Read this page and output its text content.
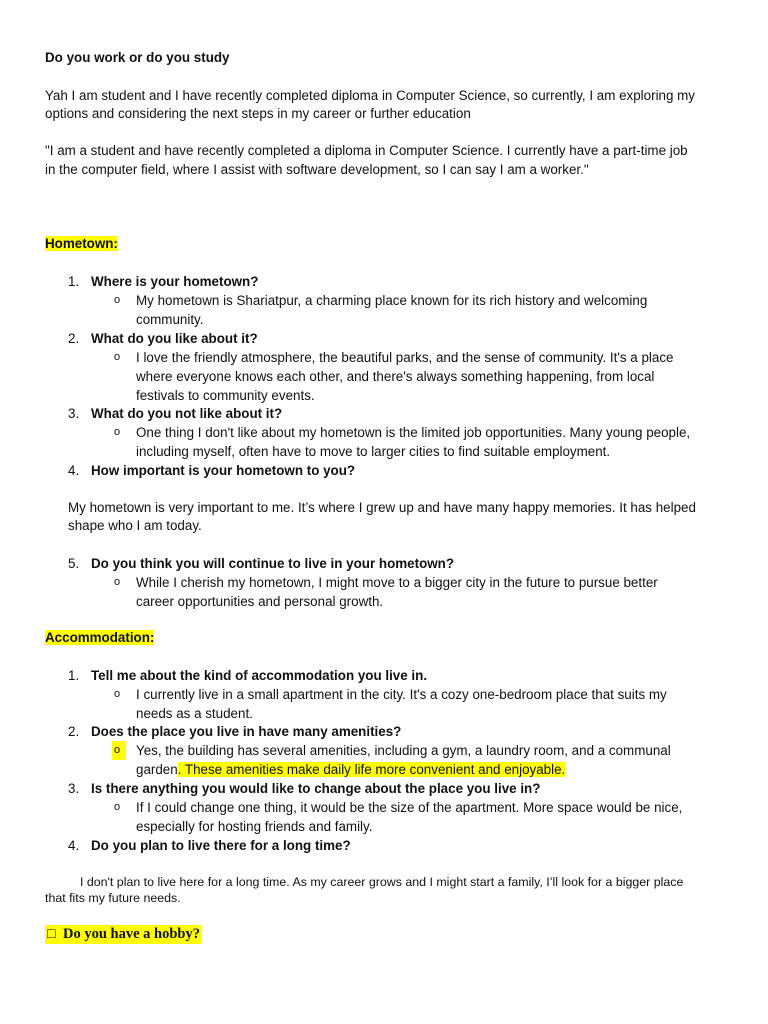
Do you work or do you study

Yah I am student and I have recently completed diploma in Computer Science, so currently, I am exploring my

options and considering the next steps in my career or further education

"I am a student and have recently completed a diploma in Computer Science. I currently have a part-time job

in the computer field, where I assist with software development, so I can say I am a worker."

Hometown:

1. Where is your hometown?
o My hometown is Shariatpur, a charming place known for its rich history and welcoming
community.
2. What do you like about it?
o I love the friendly atmosphere, the beautiful parks, and the sense of community. It's a place
where everyone knows each other, and there's always something happening, from local
festivals to community events.
3. What do you not like about it?
o One thing I don't like about my hometown is the limited job opportunities. Many young people,
including myself, often have to move to larger cities to find suitable employment.
4. How important is your hometown to you?

My hometown is very important to me. It’s where I grew up and have many happy memories. It has helped

shape who I am today.

5. Do you think you will continue to live in your hometown?
o While I cherish my hometown, I might move to a bigger city in the future to pursue better
career opportunities and personal growth.

Accommodation:

1. Tell me about the kind of accommodation you live in.
o I currently live in a small apartment in the city. It's a cozy one-bedroom place that suits my
needs as a student.
2. Does the place you live in have many amenities?
o	Yes, the building has several amenities, including a gym, a laundry room, and a communal
garden. These amenities make daily life more convenient and enjoyable.
3. Is there anything you would like to change about the place you live in?
o If I could change one thing, it would be the size of the apartment. More space would be nice,
especially for hosting friends and family.
4. Do you plan to live there for a long time?

I don't plan to live here for a long time. As my career grows and I might start a family, I’ll look for a bigger place

that fits my future needs.

□ Do you have a hobby?
